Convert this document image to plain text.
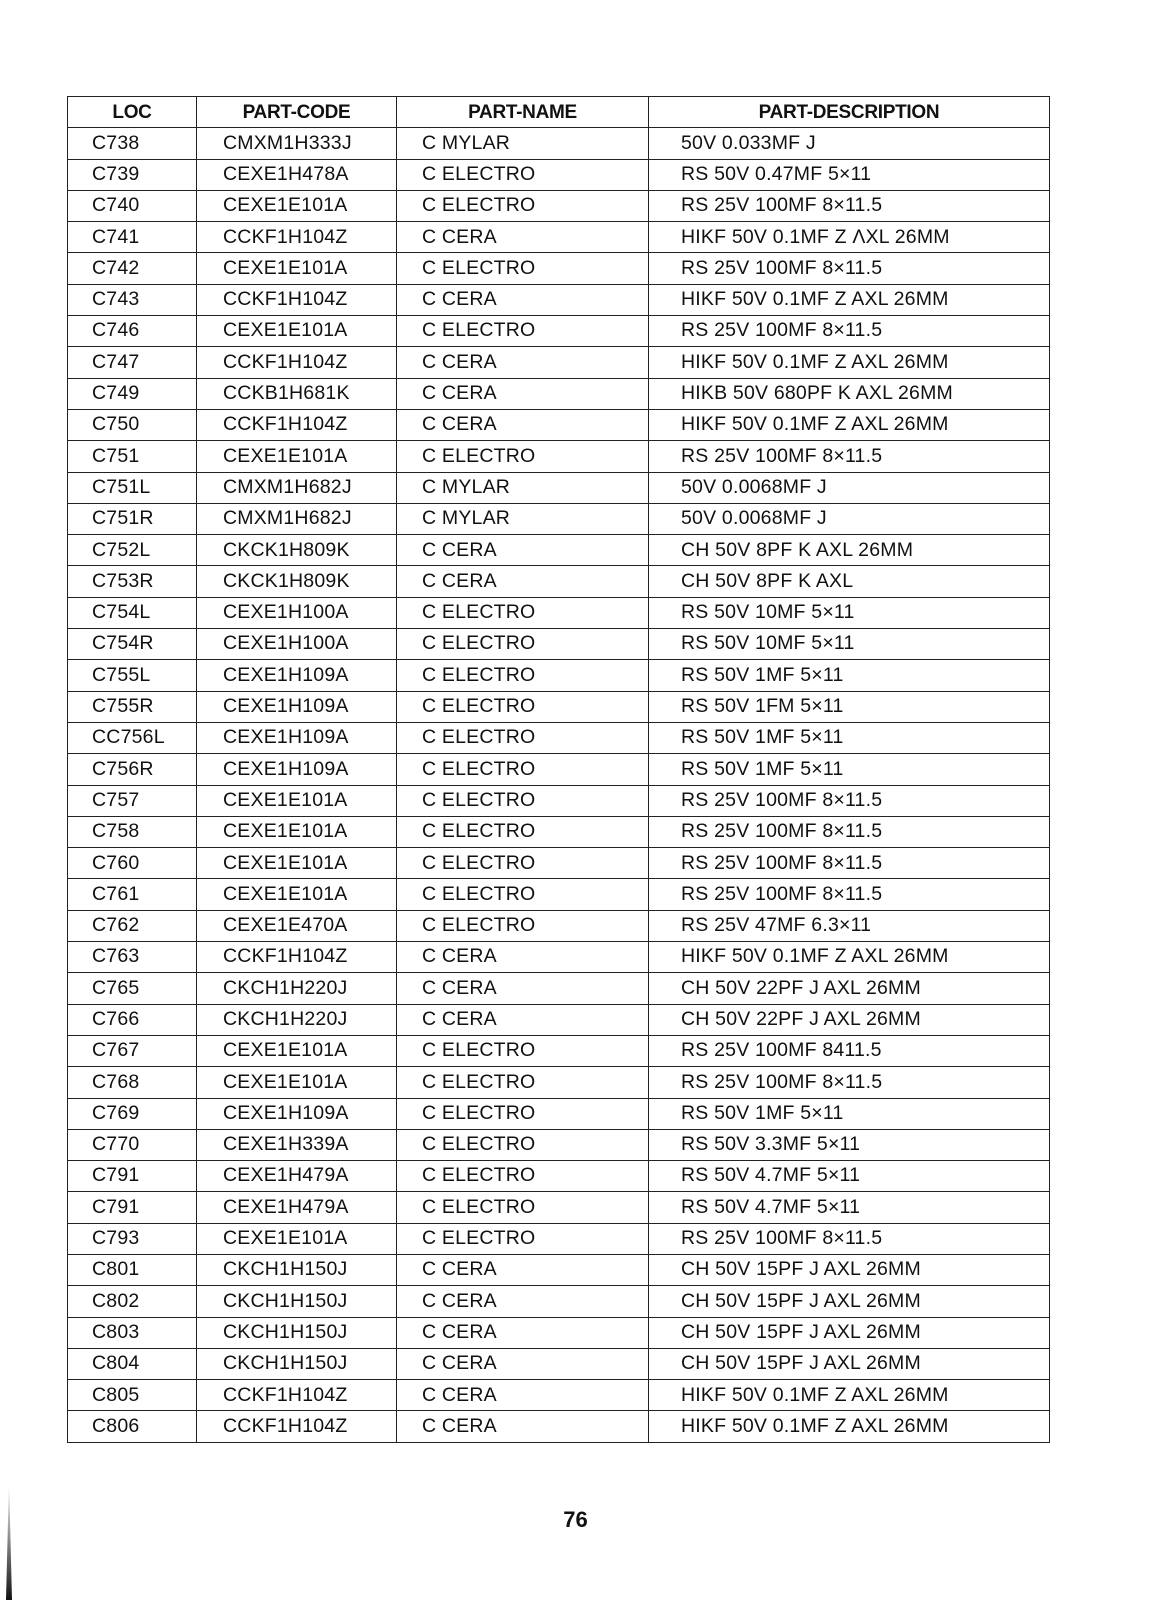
LOC	PART-CODE	PART-NAME	PART-DESCRIPTION
C738	CMXM1H333J	C MYLAR	50V 0.033MF J
C739	CEXE1H478A	C ELECTRO	RS 50V 0.47MF 5×11
C740	CEXE1E101A	C ELECTRO	RS 25V 100MF 8×11.5
C741	CCKF1H104Z	C CERA	HIKF 50V 0.1MF Z ΛXL 26MM
C742	CEXE1E101A	C ELECTRO	RS 25V 100MF 8×11.5
C743	CCKF1H104Z	C CERA	HIKF 50V 0.1MF Z AXL 26MM
C746	CEXE1E101A	C ELECTRO	RS 25V 100MF 8×11.5
C747	CCKF1H104Z	C CERA	HIKF 50V 0.1MF Z AXL 26MM
C749	CCKB1H681K	C CERA	HIKB 50V 680PF K AXL 26MM
C750	CCKF1H104Z	C CERA	HIKF 50V 0.1MF Z AXL 26MM
C751	CEXE1E101A	C ELECTRO	RS 25V 100MF 8×11.5
C751L	CMXM1H682J	C MYLAR	50V 0.0068MF J
C751R	CMXM1H682J	C MYLAR	50V 0.0068MF J
C752L	CKCK1H809K	C CERA	CH 50V 8PF K AXL 26MM
C753R	CKCK1H809K	C CERA	CH 50V 8PF K AXL
C754L	CEXE1H100A	C ELECTRO	RS 50V 10MF 5×11
C754R	CEXE1H100A	C ELECTRO	RS 50V 10MF 5×11
C755L	CEXE1H109A	C ELECTRO	RS 50V 1MF 5×11
C755R	CEXE1H109A	C ELECTRO	RS 50V 1FM 5×11
CC756L	CEXE1H109A	C ELECTRO	RS 50V 1MF 5×11
C756R	CEXE1H109A	C ELECTRO	RS 50V 1MF 5×11
C757	CEXE1E101A	C ELECTRO	RS 25V 100MF 8×11.5
C758	CEXE1E101A	C ELECTRO	RS 25V 100MF 8×11.5
C760	CEXE1E101A	C ELECTRO	RS 25V 100MF 8×11.5
C761	CEXE1E101A	C ELECTRO	RS 25V 100MF 8×11.5
C762	CEXE1E470A	C ELECTRO	RS 25V 47MF 6.3×11
C763	CCKF1H104Z	C CERA	HIKF 50V 0.1MF Z AXL 26MM
C765	CKCH1H220J	C CERA	CH 50V 22PF J AXL 26MM
C766	CKCH1H220J	C CERA	CH 50V 22PF J AXL 26MM
C767	CEXE1E101A	C ELECTRO	RS 25V 100MF 8411.5
C768	CEXE1E101A	C ELECTRO	RS 25V 100MF 8×11.5
C769	CEXE1H109A	C ELECTRO	RS 50V 1MF 5×11
C770	CEXE1H339A	C ELECTRO	RS 50V 3.3MF 5×11
C791	CEXE1H479A	C ELECTRO	RS 50V 4.7MF 5×11
C791	CEXE1H479A	C ELECTRO	RS 50V 4.7MF 5×11
C793	CEXE1E101A	C ELECTRO	RS 25V 100MF 8×11.5
C801	CKCH1H150J	C CERA	CH 50V 15PF J AXL 26MM
C802	CKCH1H150J	C CERA	CH 50V 15PF J AXL 26MM
C803	CKCH1H150J	C CERA	CH 50V 15PF J AXL 26MM
C804	CKCH1H150J	C CERA	CH 50V 15PF J AXL 26MM
C805	CCKF1H104Z	C CERA	HIKF 50V 0.1MF Z AXL 26MM
C806	CCKF1H104Z	C CERA	HIKF 50V 0.1MF Z AXL 26MM
76
